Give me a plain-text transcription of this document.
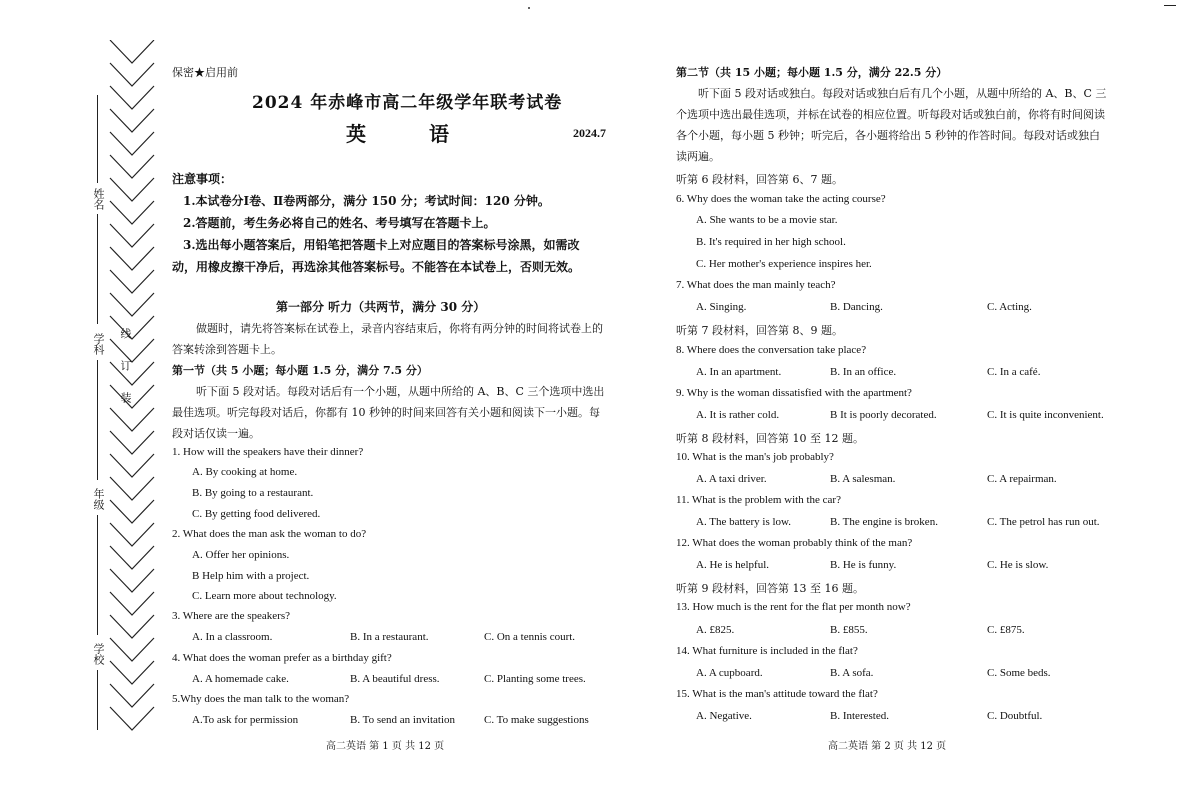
姓名
学科
年级
学校
线
订
装
保密★启用前
2024 年赤峰市高二年级学年联考试卷
英 语	2024.7
注意事项：
1.本试卷分Ⅰ卷、Ⅱ卷两部分，满分 150 分；考试时间：120 分钟。
2.答题前，考生务必将自己的姓名、考号填写在答题卡上。
3.选出每小题答案后，用铅笔把答题卡上对应题目的答案标号涂黑，如需改
动，用橡皮擦干净后，再选涂其他答案标号。不能答在本试卷上，否则无效。
第一部分 听力（共两节，满分 30 分）
做题时，请先将答案标在试卷上，录音内容结束后，你将有两分钟的时间将试卷上的
答案转涂到答题卡上。
第一节（共 5 小题；每小题 1.5 分，满分 7.5 分）
听下面 5 段对话。每段对话后有一个小题，从题中所给的 A、B、C 三个选项中选出
最佳选项。听完每段对话后，你都有 10 秒钟的时间来回答有关小题和阅读下一小题。每
段对话仅读一遍。
1. How will the speakers have their dinner?
A. By cooking at home.
B. By going to a restaurant.
C. By getting food delivered.
2. What does the man ask the woman to do?
A. Offer her opinions.
B Help him with a project.
C. Learn more about technology.
3. Where are the speakers?
A. In a classroom.	B. In a restaurant.	C. On a tennis court.
4. What does the woman prefer as a birthday gift?
A. A homemade cake.	B. A beautiful dress.	C. Planting some trees.
5.Why does the man talk to the woman?
A.To ask for permission	B. To send an invitation	C. To make suggestions
高二英语 第 1 页 共 12 页
第二节（共 15 小题；每小题 1.5 分，满分 22.5 分）
听下面 5 段对话或独白。每段对话或独白后有几个小题，从题中所给的 A、B、C 三
个选项中选出最佳选项，并标在试卷的相应位置。听每段对话或独白前，你将有时间阅读
各个小题，每小题 5 秒钟；听完后，各小题将给出 5 秒钟的作答时间。每段对话或独白
读两遍。
听第 6 段材料，回答第 6、7 题。
6. Why does the woman take the acting course?
A. She wants to be a movie star.
B. It's required in her high school.
C. Her mother's experience inspires her.
7. What does the man mainly teach?
A. Singing.	B. Dancing.	C. Acting.
听第 7 段材料，回答第 8、9 题。
8. Where does the conversation take place?
A. In an apartment.	B. In an office.	C. In a café.
9. Why is the woman dissatisfied with the apartment?
A. It is rather cold.	B It is poorly decorated.	C. It is quite inconvenient.
听第 8 段材料，回答第 10 至 12 题。
10. What is the man's job probably?
A. A taxi driver.	B. A salesman.	C. A repairman.
11. What is the problem with the car?
A. The battery is low.	B. The engine is broken.	C. The petrol has run out.
12. What does the woman probably think of the man?
A. He is helpful.	B. He is funny.	C. He is slow.
听第 9 段材料，回答第 13 至 16 题。
13. How much is the rent for the flat per month now?
A. £825.	B. £855.	C. £875.
14. What furniture is included in the flat?
A. A cupboard.	B. A sofa.	C. Some beds.
15. What is the man's attitude toward the flat?
A. Negative.	B. Interested.	C. Doubtful.
高二英语 第 2 页 共 12 页
